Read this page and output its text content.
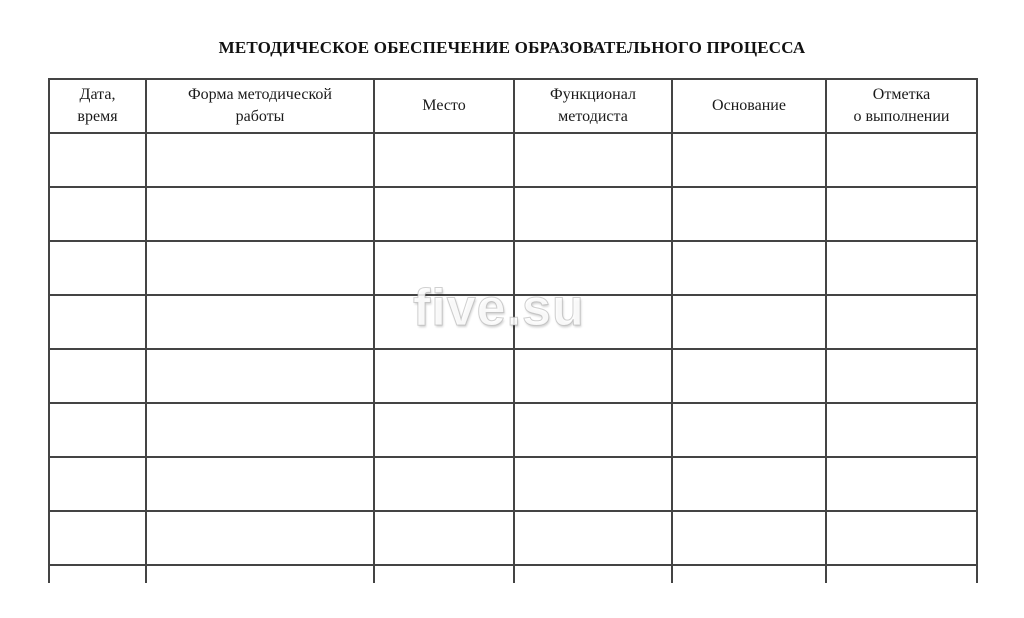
МЕТОДИЧЕСКОЕ ОБЕСПЕЧЕНИЕ ОБРАЗОВАТЕЛЬНОГО ПРОЦЕССА
Дата,
время
Форма методической
работы
Место
Функционал
методиста
Основание
Отметка
о выполнении
five.su
